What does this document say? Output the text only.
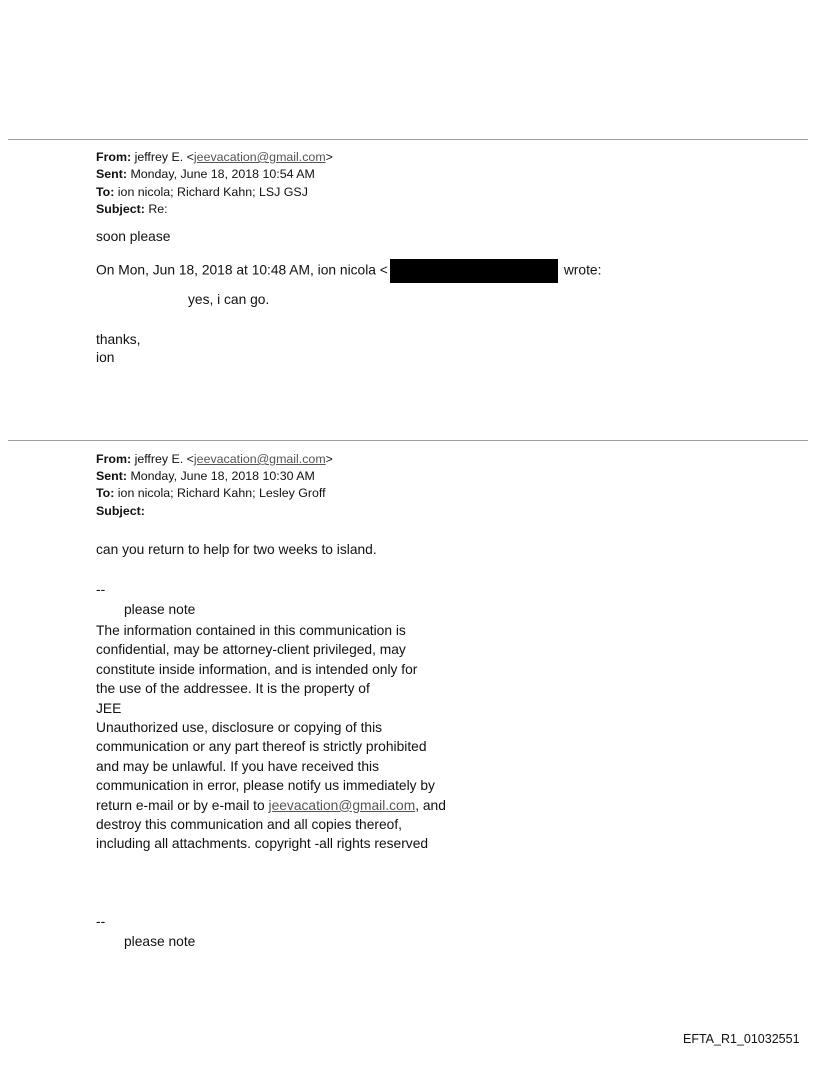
From: jeffrey E. <jeevacation@gmail.com>
Sent: Monday, June 18, 2018 10:54 AM
To: ion nicola; Richard Kahn; LSJ GSJ
Subject: Re:
soon please
On Mon, Jun 18, 2018 at 10:48 AM, ion nicola <	wrote:
yes, i can go.
thanks,
ion
From: jeffrey E. <jeevacation@gmail.com>
Sent: Monday, June 18, 2018 10:30 AM
To: ion nicola; Richard Kahn; Lesley Groff
Subject:
can you return to help for two weeks to island.
--
please note
The information contained in this communication is
confidential, may be attorney-client privileged, may
constitute inside information, and is intended only for
the use of the addressee. It is the property of
JEE
Unauthorized use, disclosure or copying of this
communication or any part thereof is strictly prohibited
and may be unlawful. If you have received this
communication in error, please notify us immediately by
return e-mail or by e-mail to jeevacation@gmail.com, and
destroy this communication and all copies thereof,
including all attachments. copyright -all rights reserved
--
please note
EFTA_R1_01032551
